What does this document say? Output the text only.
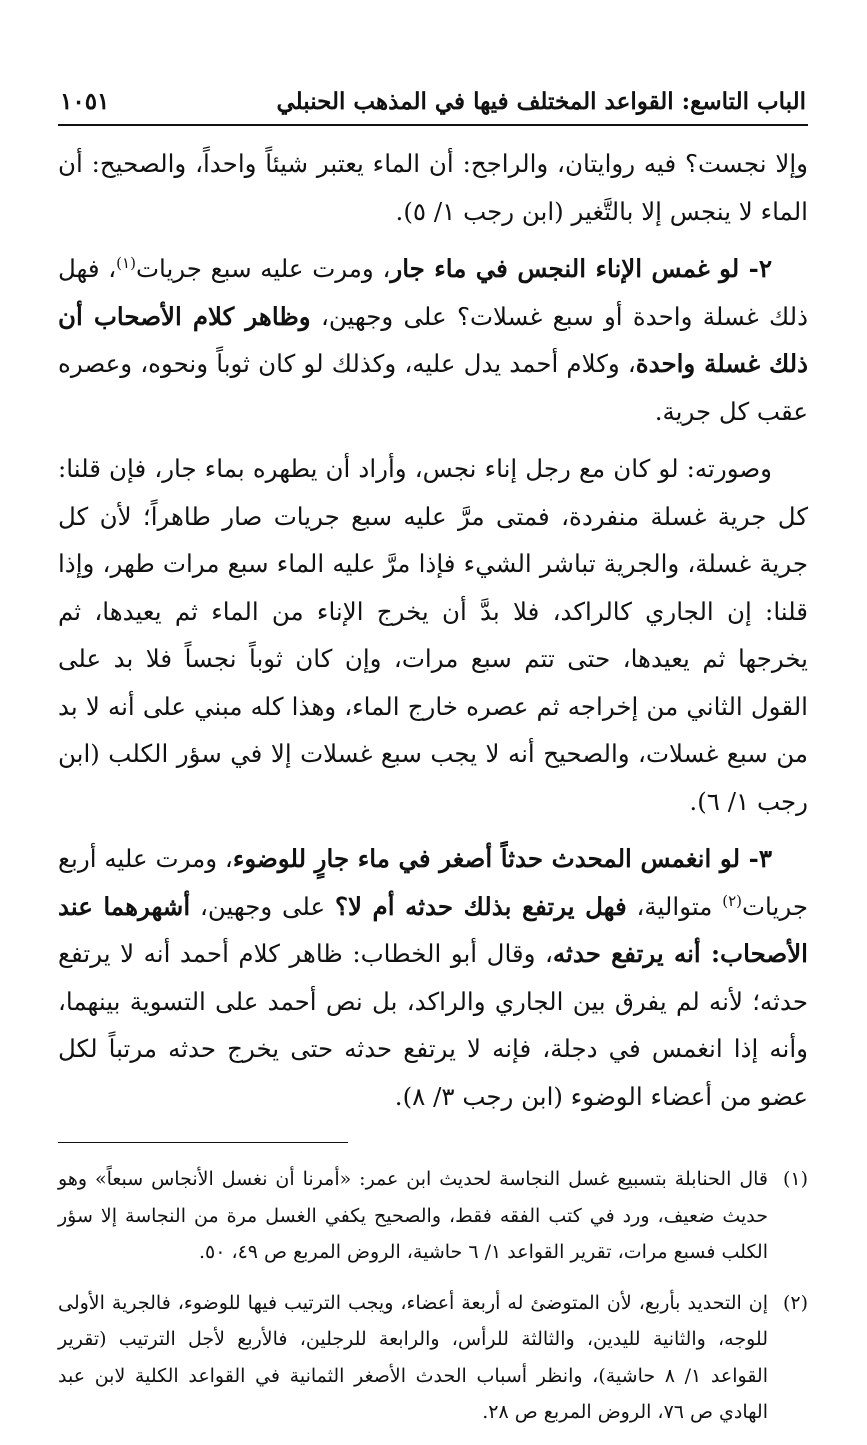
الباب التاسع: القواعد المختلف فيها في المذهب الحنبلي
١٠٥١

وإلا نجست؟ فيه روايتان، والراجح: أن الماء يعتبر شيئاً واحداً، والصحيح: أن الماء لا ينجس إلا بالتَّغير (ابن رجب ١/ ٥).

٢- لو غمس الإناء النجس في ماء جار، ومرت عليه سبع جريات$^{(١)}$، فهل ذلك غسلة واحدة أو سبع غسلات؟ على وجهين، وظاهر كلام الأصحاب أن ذلك غسلة واحدة، وكلام أحمد يدل عليه، وكذلك لو كان ثوباً ونحوه، وعصره عقب كل جرية.

وصورته: لو كان مع رجل إناء نجس، وأراد أن يطهره بماء جار، فإن قلنا: كل جرية غسلة منفردة، فمتى مرَّ عليه سبع جريات صار طاهراً؛ لأن كل جرية غسلة، والجرية تباشر الشيء فإذا مرَّ عليه الماء سبع مرات طهر، وإذا قلنا: إن الجاري كالراكد، فلا بدَّ أن يخرج الإناء من الماء ثم يعيدها، ثم يخرجها ثم يعيدها، حتى تتم سبع مرات، وإن كان ثوباً نجساً فلا بد على القول الثاني من إخراجه ثم عصره خارج الماء، وهذا كله مبني على أنه لا بد من سبع غسلات، والصحيح أنه لا يجب سبع غسلات إلا في سؤر الكلب (ابن رجب ١/ ٦).

٣- لو انغمس المحدث حدثاً أصغر في ماء جارٍ للوضوء، ومرت عليه أربع جريات$^{(٢)}$ متوالية، فهل يرتفع بذلك حدثه أم لا؟ على وجهين، أشهرهما عند الأصحاب: أنه يرتفع حدثه، وقال أبو الخطاب: ظاهر كلام أحمد أنه لا يرتفع حدثه؛ لأنه لم يفرق بين الجاري والراكد، بل نص أحمد على التسوية بينهما، وأنه إذا انغمس في دجلة، فإنه لا يرتفع حدثه حتى يخرج حدثه مرتباً لكل عضو من أعضاء الوضوء (ابن رجب ٣/ ٨).

(١)
قال الحنابلة بتسبيع غسل النجاسة لحديث ابن عمر: «أمرنا أن نغسل الأنجاس سبعاً» وهو حديث ضعيف، ورد في كتب الفقه فقط، والصحيح يكفي الغسل مرة من النجاسة إلا سؤر الكلب فسبع مرات، تقرير القواعد ١/ ٦ حاشية، الروض المربع ص ٤٩، ٥٠.
(٢)
إن التحديد بأربع، لأن المتوضئ له أربعة أعضاء، ويجب الترتيب فيها للوضوء، فالجرية الأولى للوجه، والثانية لليدين، والثالثة للرأس، والرابعة للرجلين، فالأربع لأجل الترتيب (تقرير القواعد ١/ ٨ حاشية)، وانظر أسباب الحدث الأصغر الثمانية في القواعد الكلية لابن عبد الهادي ص ٧٦، الروض المربع ص ٢٨.
